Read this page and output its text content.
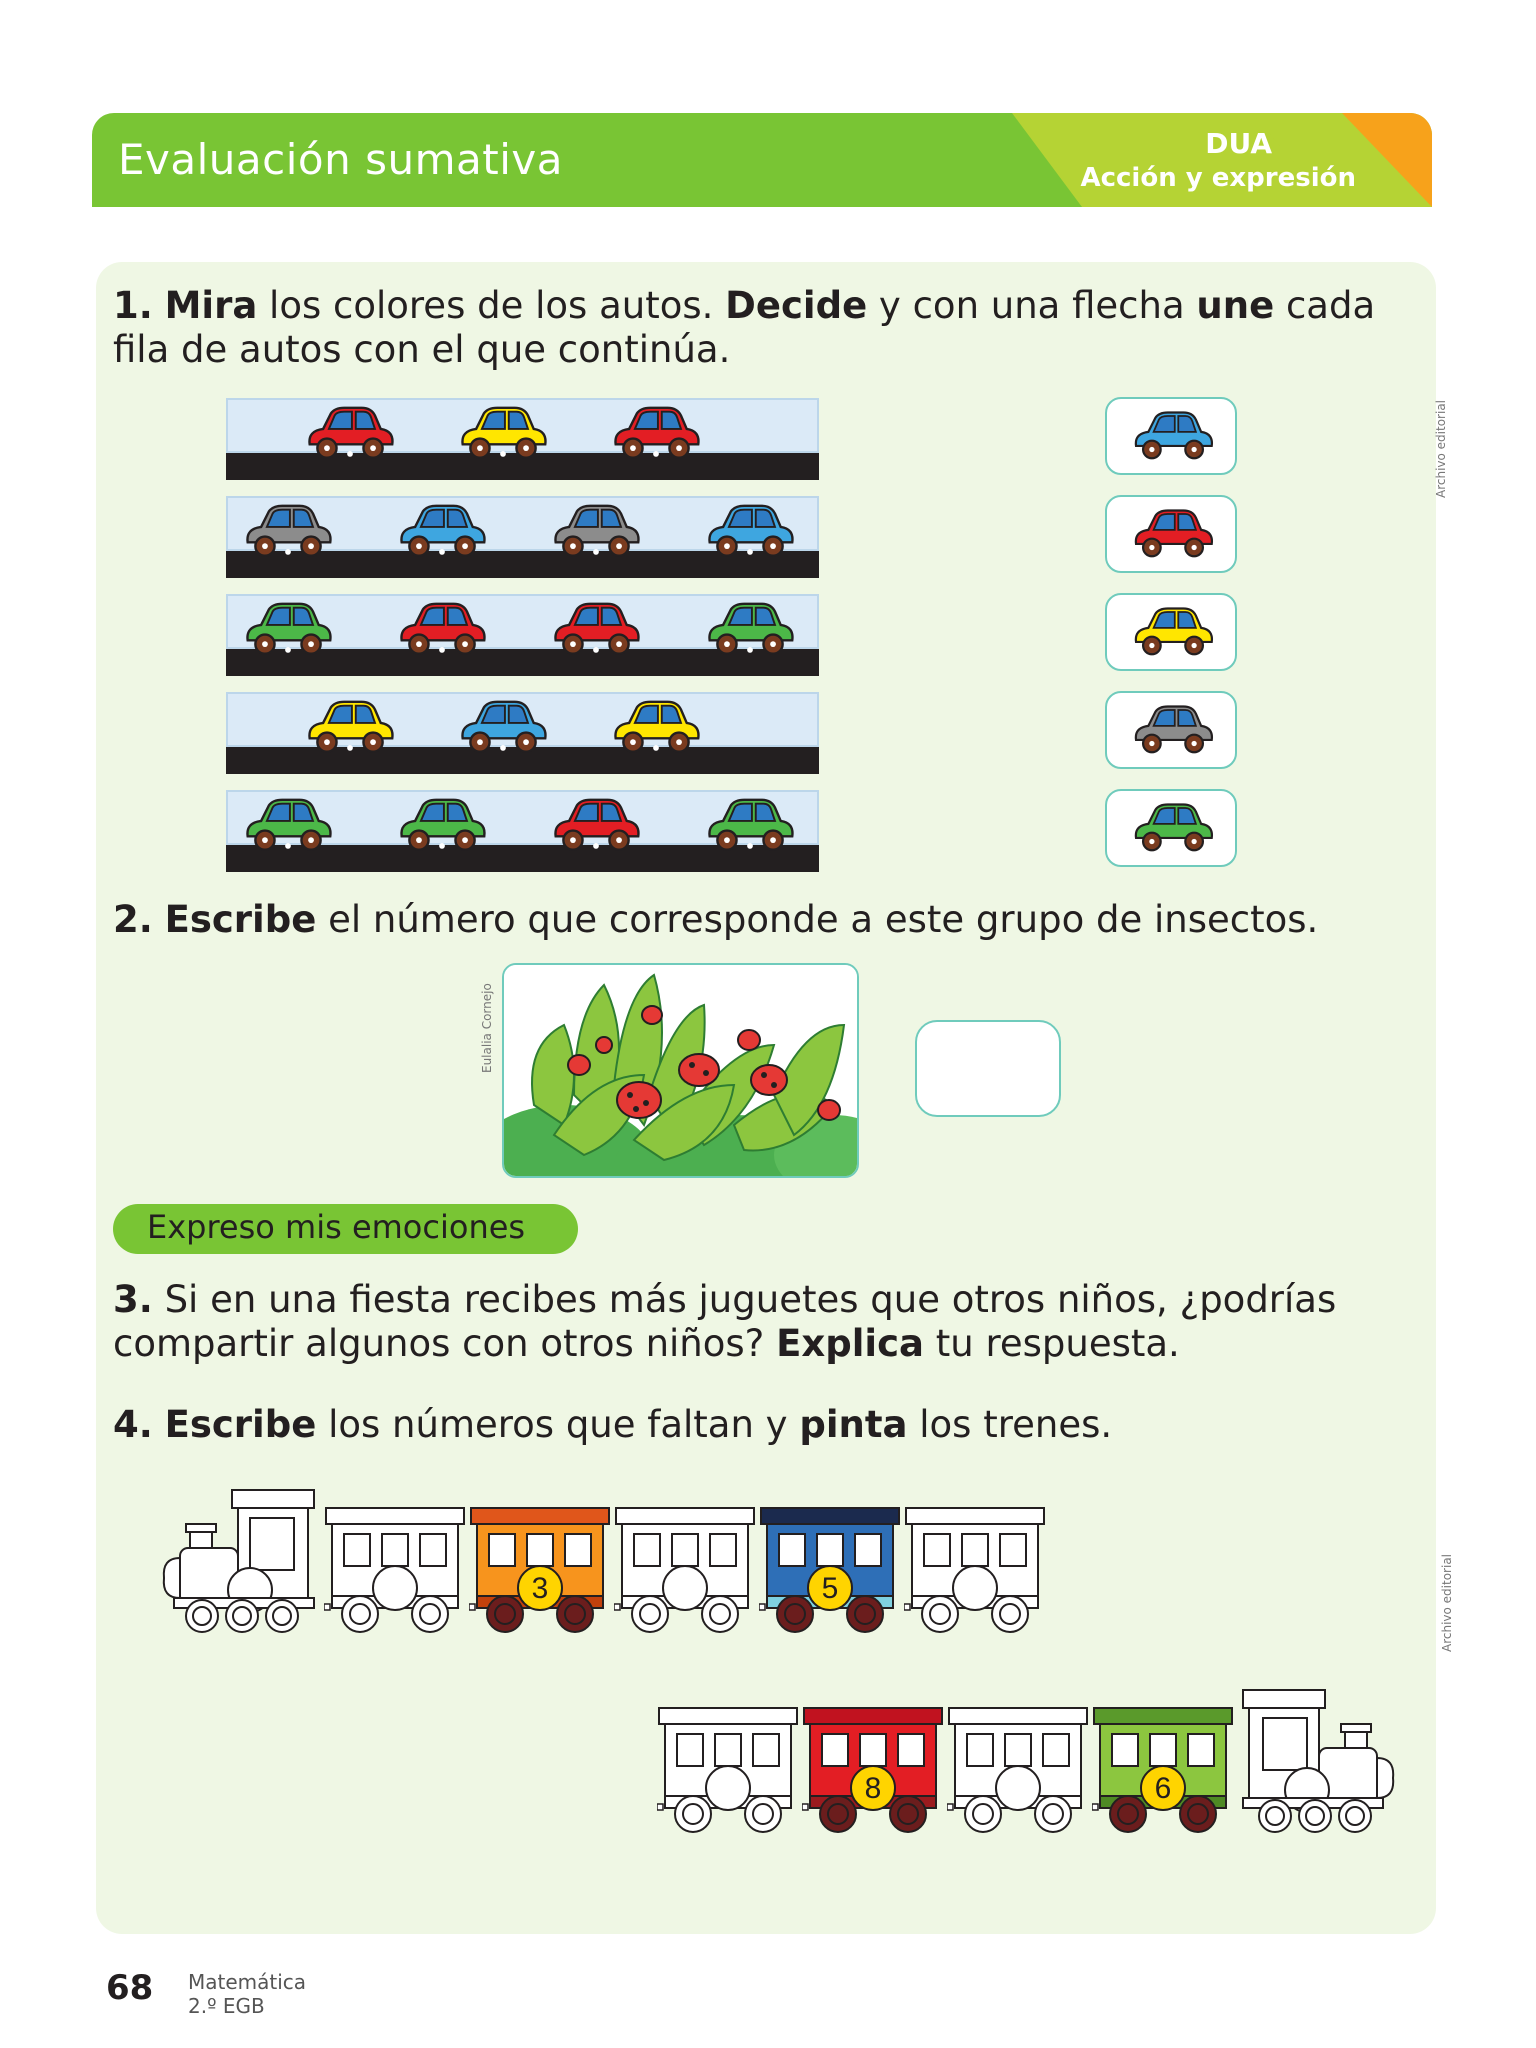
Evaluación sumativa	DUA
Acción y expresión
1. Mira los colores de los autos. Decide y con una flecha une cada fila de autos con el que continúa.
Archivo editorial
2. Escribe el número que corresponde a este grupo de insectos.
Eulalia Cornejo
Expreso mis emociones
3. Si en una fiesta recibes más juguetes que otros niños, ¿podrías compartir algunos con otros niños? Explica tu respuesta.
4. Escribe los números que faltan y pinta los trenes.
3	5
8	6
Archivo editorial
68 Matemática
2.º EGB
